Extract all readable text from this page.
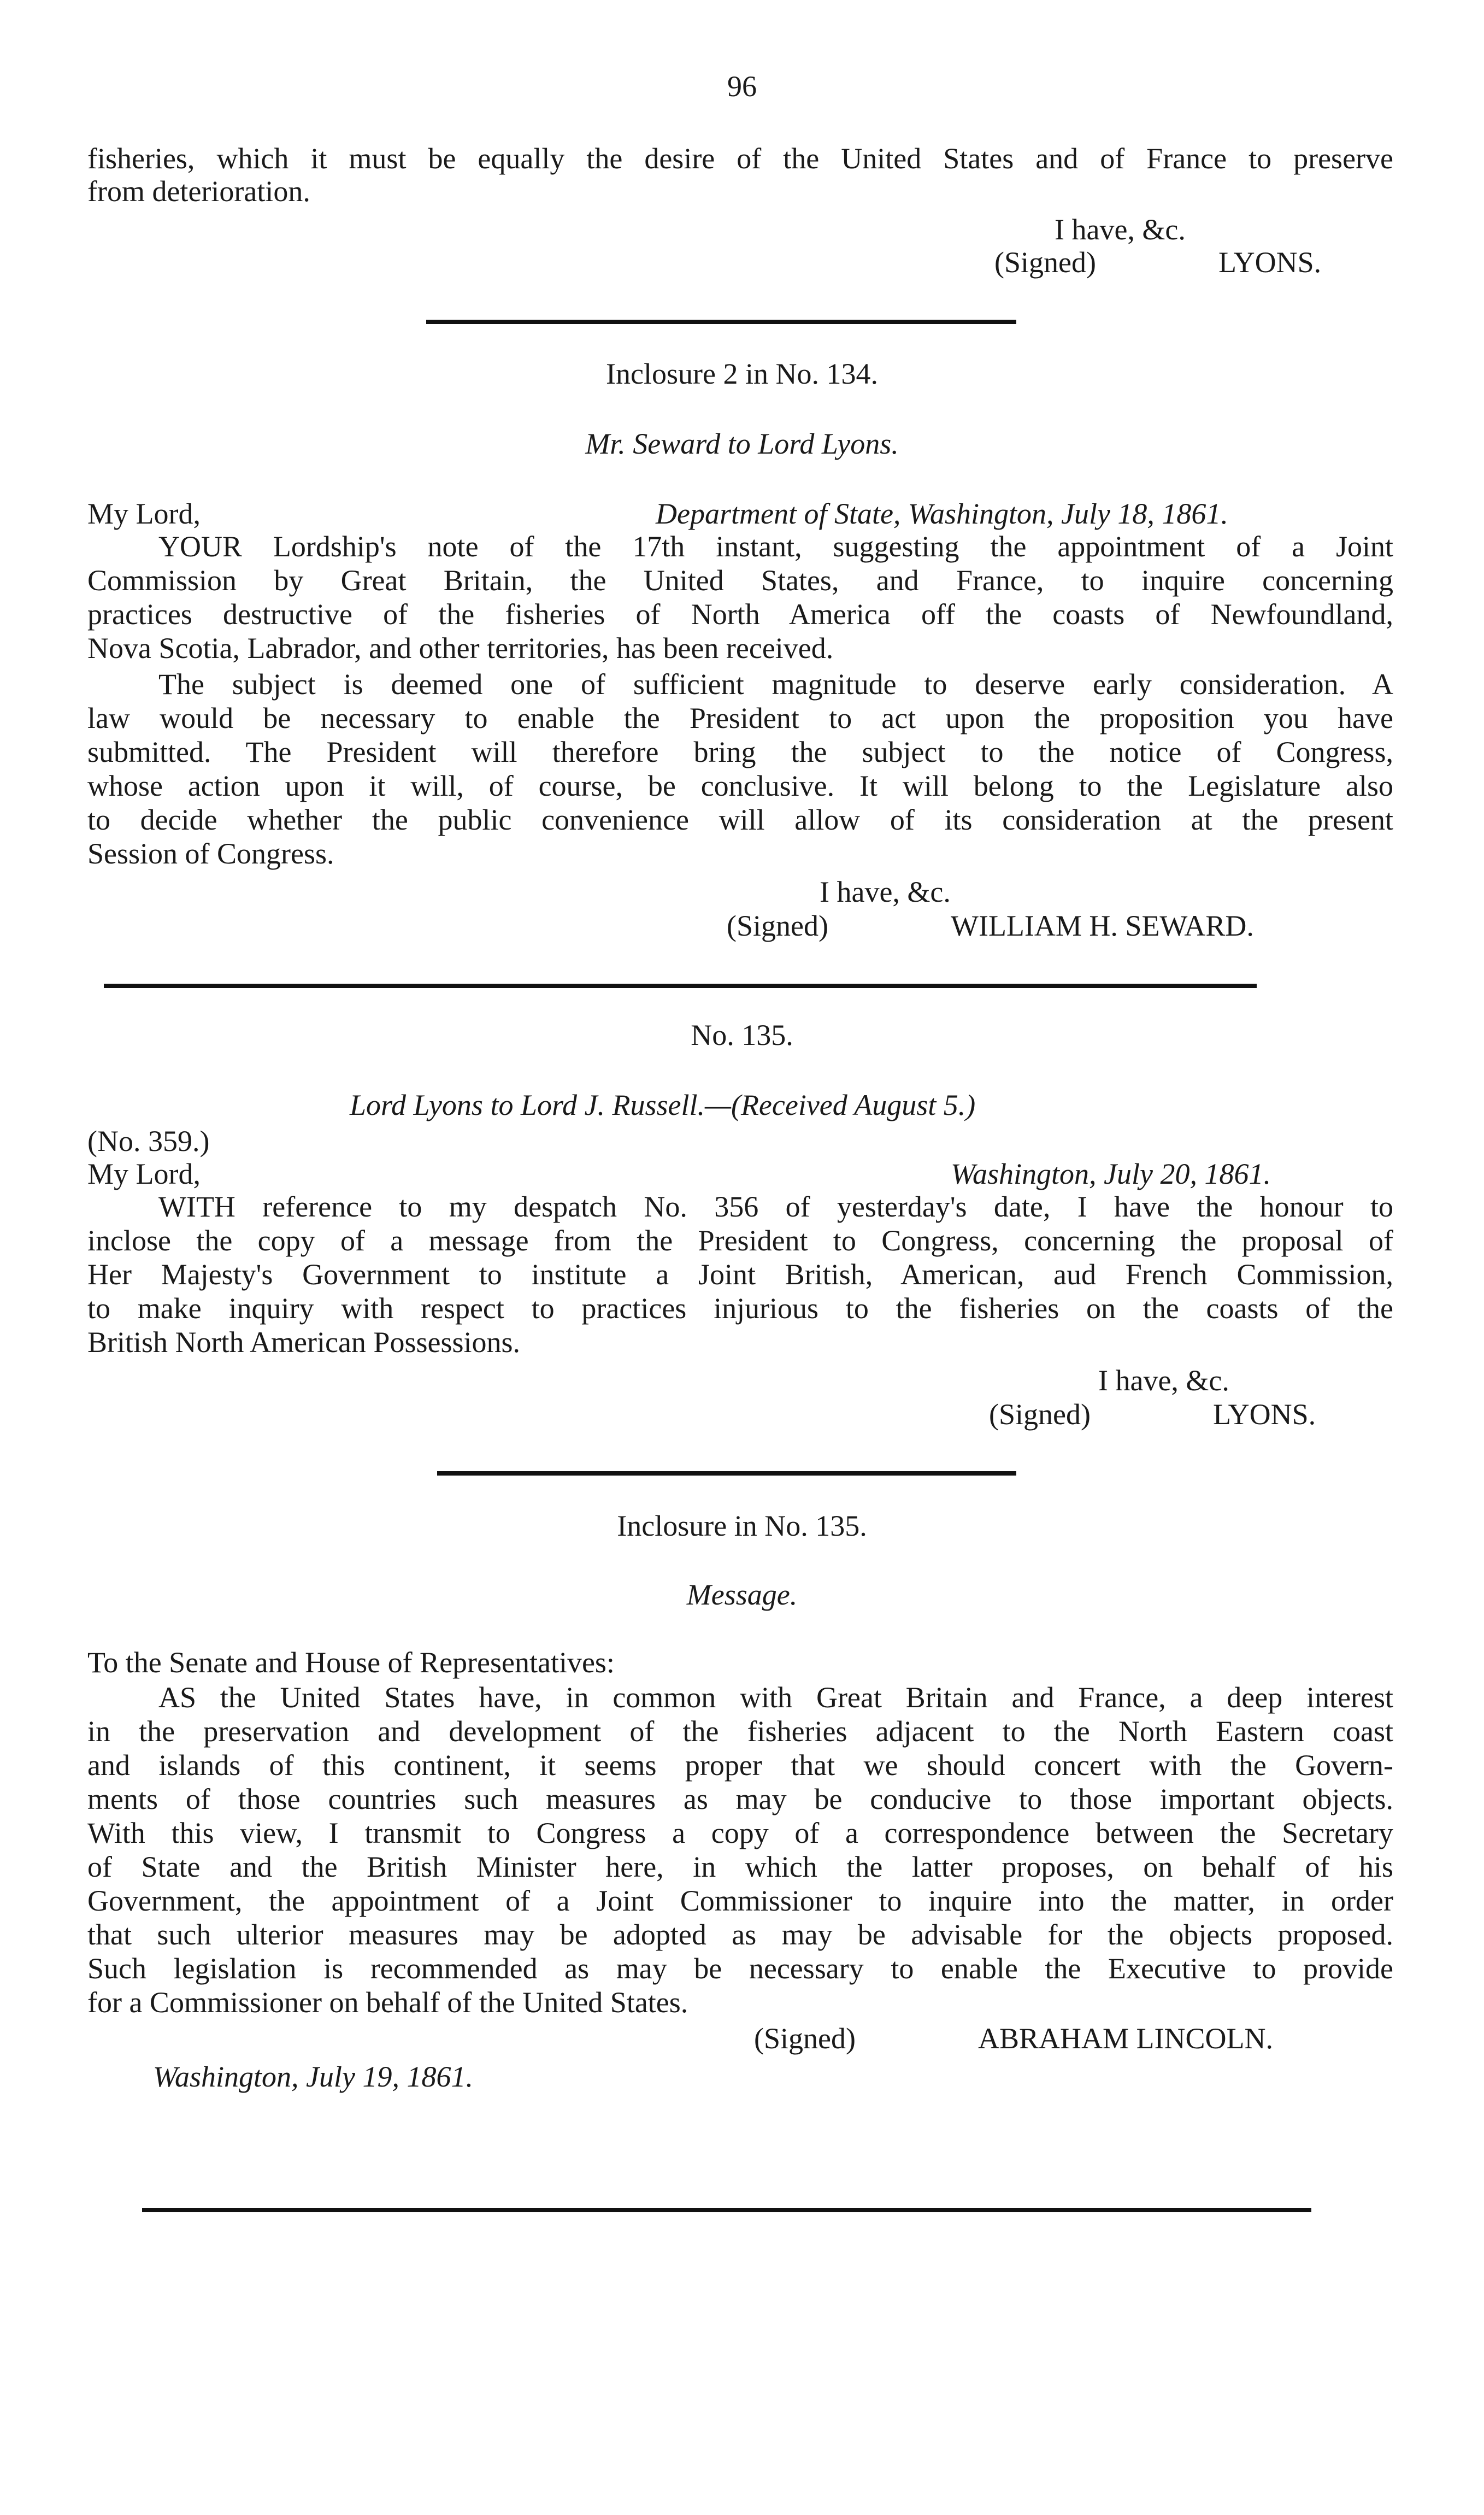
96
fisheries, which it must be equally the desire of the United States and of France to preserve
from deterioration.
I have, &c.
(Signed)	LYONS.
Inclosure 2 in No. 134.
Mr. Seward to Lord Lyons.
My Lord,	Department of State, Washington, July 18, 1861.
YOUR Lordship's note of the 17th instant, suggesting the appointment of a Joint
Commission by Great Britain, the United States, and France, to inquire concerning
practices destructive of the fisheries of North America off the coasts of Newfoundland,
Nova Scotia, Labrador, and other territories, has been received.
The subject is deemed one of sufficient magnitude to deserve early consideration. A
law would be necessary to enable the President to act upon the proposition you have
submitted. The President will therefore bring the subject to the notice of Congress,
whose action upon it will, of course, be conclusive. It will belong to the Legislature also
to decide whether the public convenience will allow of its consideration at the present
Session of Congress.
I have, &c.
(Signed)	WILLIAM H. SEWARD.
No. 135.
Lord Lyons to Lord J. Russell.—(Received August 5.)
(No. 359.)
My Lord,	Washington, July 20, 1861.
WITH reference to my despatch No. 356 of yesterday's date, I have the honour to
inclose the copy of a message from the President to Congress, concerning the proposal of
Her Majesty's Government to institute a Joint British, American, aud French Commission,
to make inquiry with respect to practices injurious to the fisheries on the coasts of the
British North American Possessions.
I have, &c.
(Signed)	LYONS.
Inclosure in No. 135.
Message.
To the Senate and House of Representatives:
AS the United States have, in common with Great Britain and France, a deep interest
in the preservation and development of the fisheries adjacent to the North Eastern coast
and islands of this continent, it seems proper that we should concert with the Govern-
ments of those countries such measures as may be conducive to those important objects.
With this view, I transmit to Congress a copy of a correspondence between the Secretary
of State and the British Minister here, in which the latter proposes, on behalf of his
Government, the appointment of a Joint Commissioner to inquire into the matter, in order
that such ulterior measures may be adopted as may be advisable for the objects proposed.
Such legislation is recommended as may be necessary to enable the Executive to provide
for a Commissioner on behalf of the United States.
(Signed)	ABRAHAM LINCOLN.
Washington, July 19, 1861.
